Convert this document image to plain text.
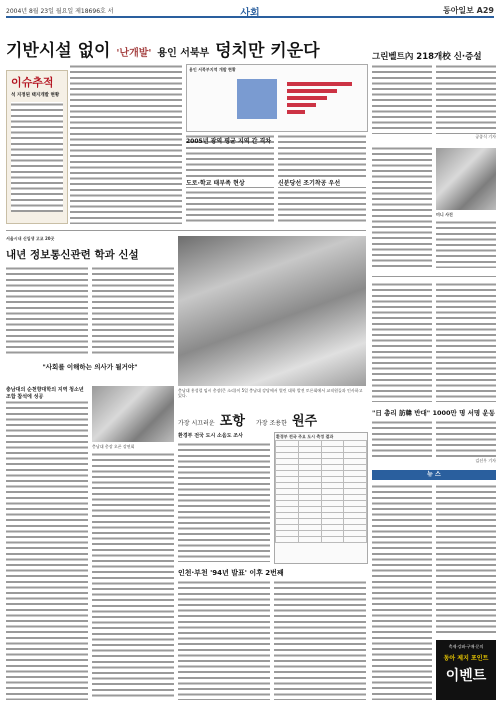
2004년 8월 23일 월요일 제18696호 서	사회	동아일보 A29
기반시설 없이 '난개발' 용인 서북부 덩치만 키운다
이슈추적
석 지정된 택지개발 현황
용인 서북부지역 개발 현황
2005년 광역 평균 지역 간 격차
도로·학교 태부족 현상	신분당선 조기착공 우선
그린벨트內 218개校 신·증설
공종식 기자
미니 사진
서울시내 신입생 고교 20곳
내년 정보통신관련 학과 신설
"사회를 이해하는 의사가 될거야"
충남대의 순천향대학의 지역 청소년 조합 참석에 성공
충남대 총장 오픈 강연회
충남대 홍성렬 임시 총장(큰 소리)이 5일 충남대 강당에서 열린 대학 발전 토론회에서 교직원들과 인사하고 있다.
가장 시끄러운 포항 가장 조용한 원주
환경부 전국 도시 소음도 조사	환경부 전국 주요 도시 측정 결과

인천·부천 '94년 발표' 이후 2번째
"日 총리 訪韓 반대" 1000만 명 서명 운동
김선우 기자
뉴 스
축제·강좌·구매·문의
동아 제지 포인트
이벤트
